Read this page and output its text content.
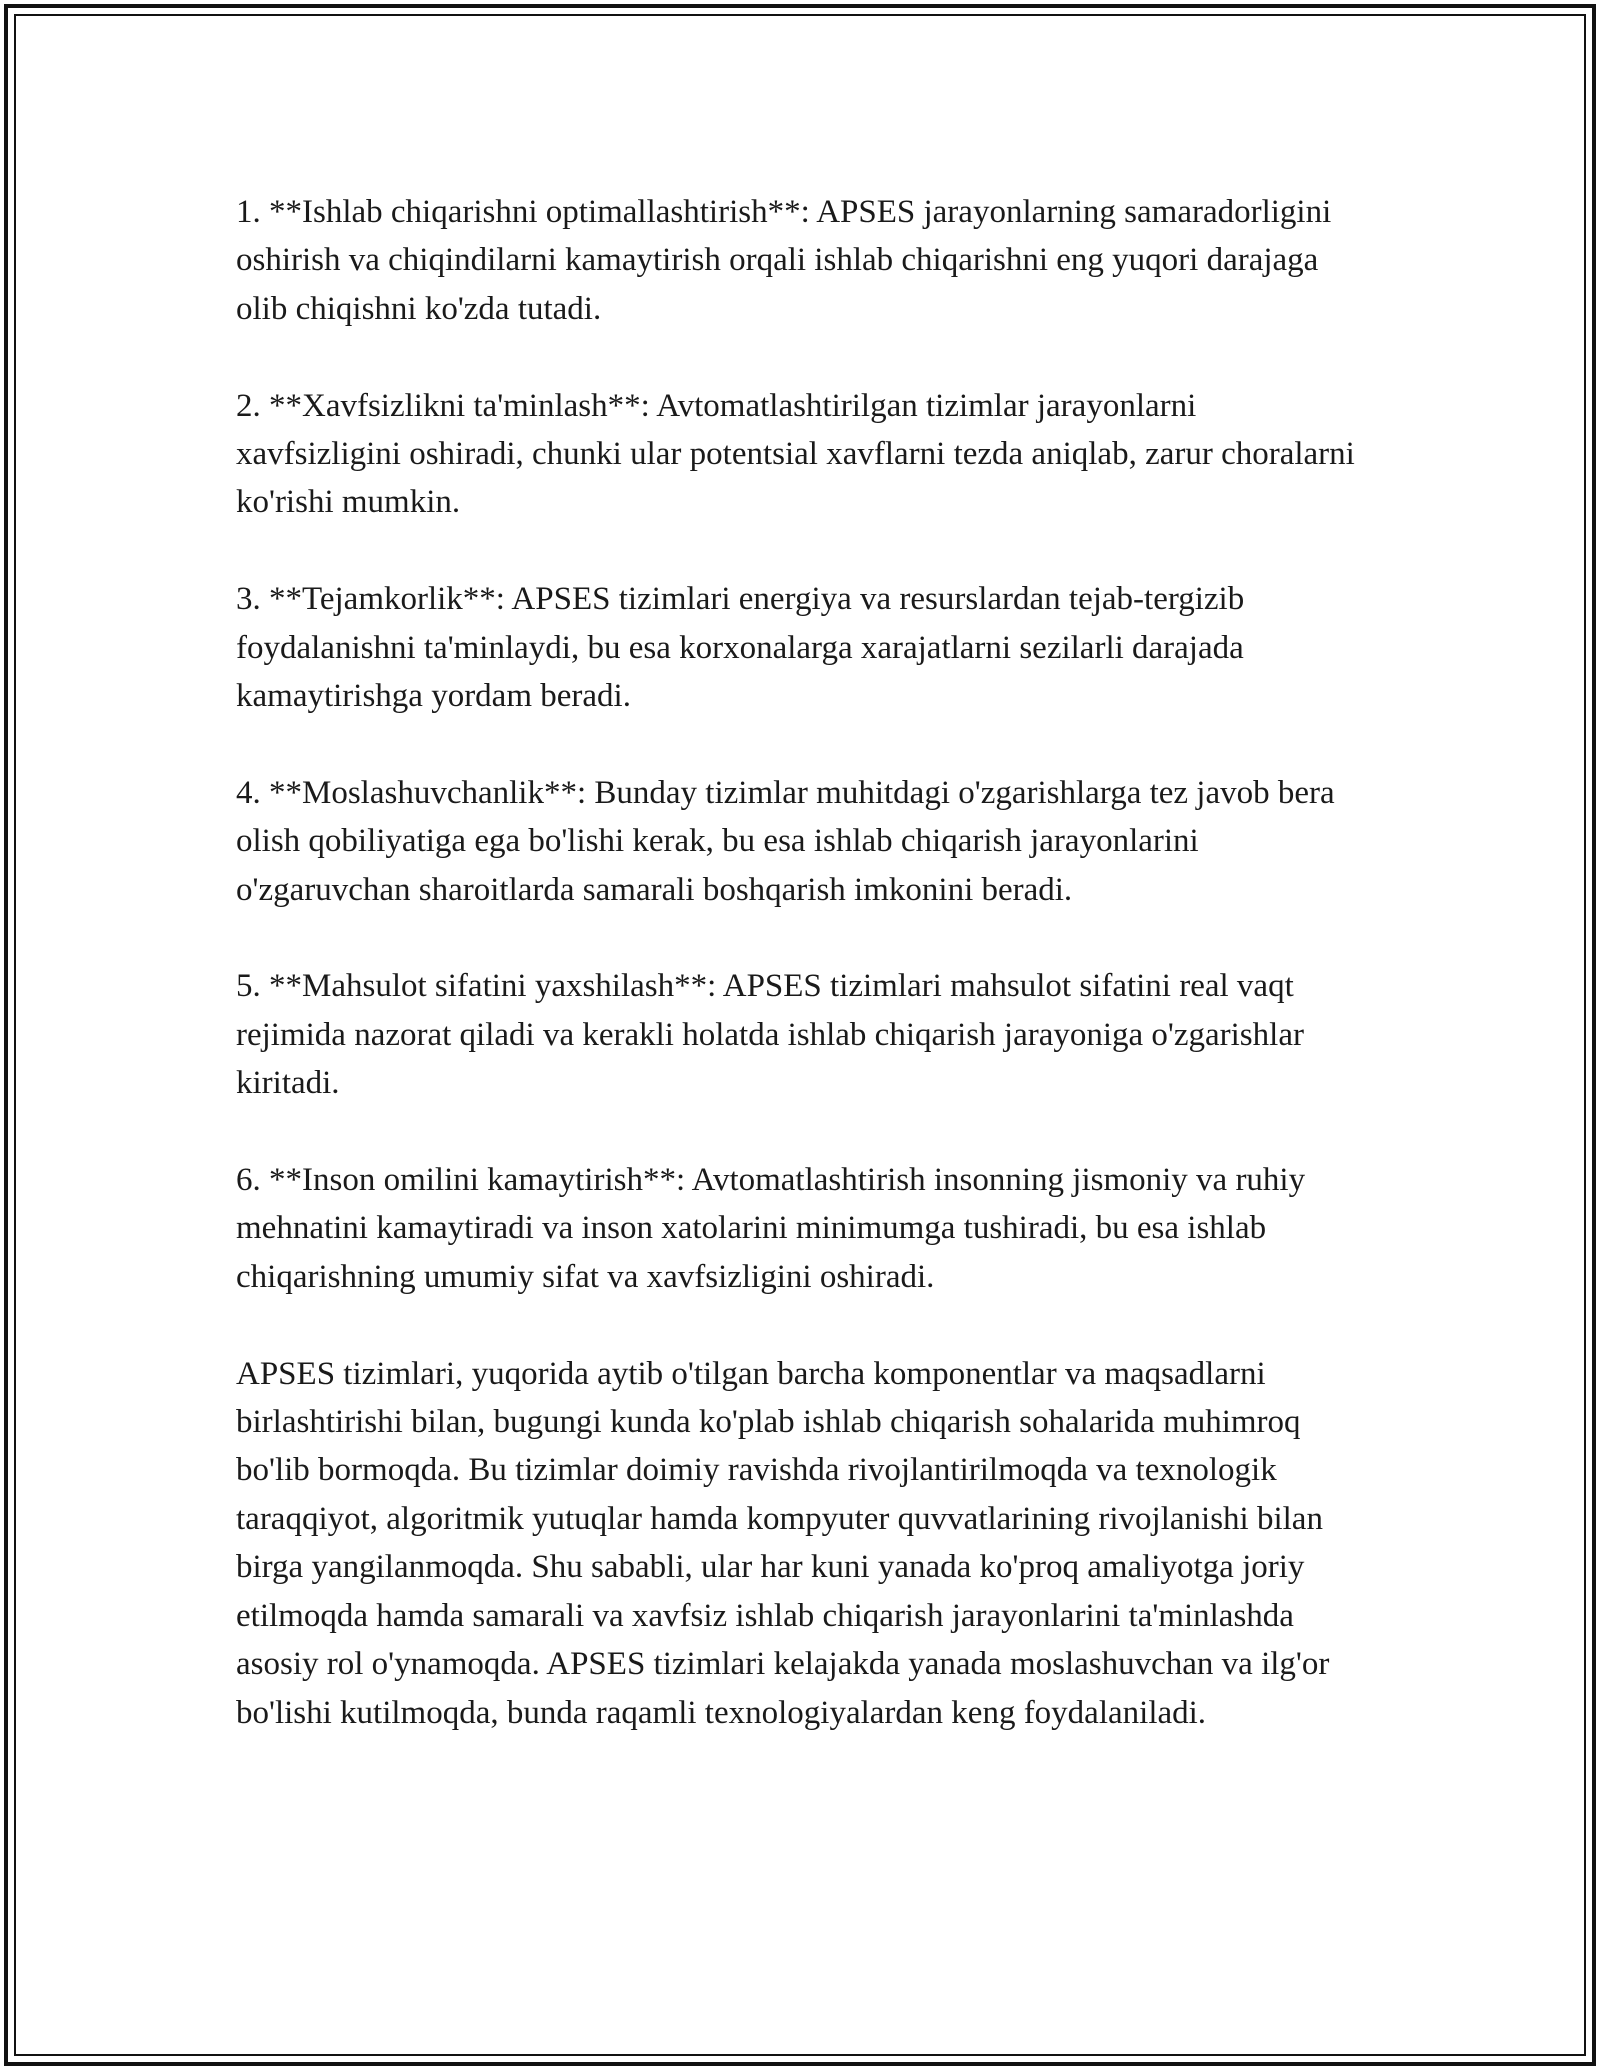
1. **Ishlab chiqarishni optimallashtirish**: APSES jarayonlarning samaradorligini oshirish va chiqindilarni kamaytirish orqali ishlab chiqarishni eng yuqori darajaga olib chiqishni ko'zda tutadi.

2. **Xavfsizlikni ta'minlash**: Avtomatlashtirilgan tizimlar jarayonlarni xavfsizligini oshiradi, chunki ular potentsial xavflarni tezda aniqlab, zarur choralarni ko'rishi mumkin.

3. **Tejamkorlik**: APSES tizimlari energiya va resurslardan tejab-tergizib foydalanishni ta'minlaydi, bu esa korxonalarga xarajatlarni sezilarli darajada kamaytirishga yordam beradi.

4. **Moslashuvchanlik**: Bunday tizimlar muhitdagi o'zgarishlarga tez javob bera olish qobiliyatiga ega bo'lishi kerak, bu esa ishlab chiqarish jarayonlarini o'zgaruvchan sharoitlarda samarali boshqarish imkonini beradi.

5. **Mahsulot sifatini yaxshilash**: APSES tizimlari mahsulot sifatini real vaqt rejimida nazorat qiladi va kerakli holatda ishlab chiqarish jarayoniga o'zgarishlar kiritadi.

6. **Inson omilini kamaytirish**: Avtomatlashtirish insonning jismoniy va ruhiy mehnatini kamaytiradi va inson xatolarini minimumga tushiradi, bu esa ishlab chiqarishning umumiy sifat va xavfsizligini oshiradi.

APSES tizimlari, yuqorida aytib o'tilgan barcha komponentlar va maqsadlarni birlashtirishi bilan, bugungi kunda ko'plab ishlab chiqarish sohalarida muhimroq bo'lib bormoqda. Bu tizimlar doimiy ravishda rivojlantirilmoqda va texnologik taraqqiyot, algoritmik yutuqlar hamda kompyuter quvvatlarining rivojlanishi bilan birga yangilanmoqda. Shu sababli, ular har kuni yanada ko'proq amaliyotga joriy etilmoqda hamda samarali va xavfsiz ishlab chiqarish jarayonlarini ta'minlashda asosiy rol o'ynamoqda. APSES tizimlari kelajakda yanada moslashuvchan va ilg'or bo'lishi kutilmoqda, bunda raqamli texnologiyalardan keng foydalaniladi.
